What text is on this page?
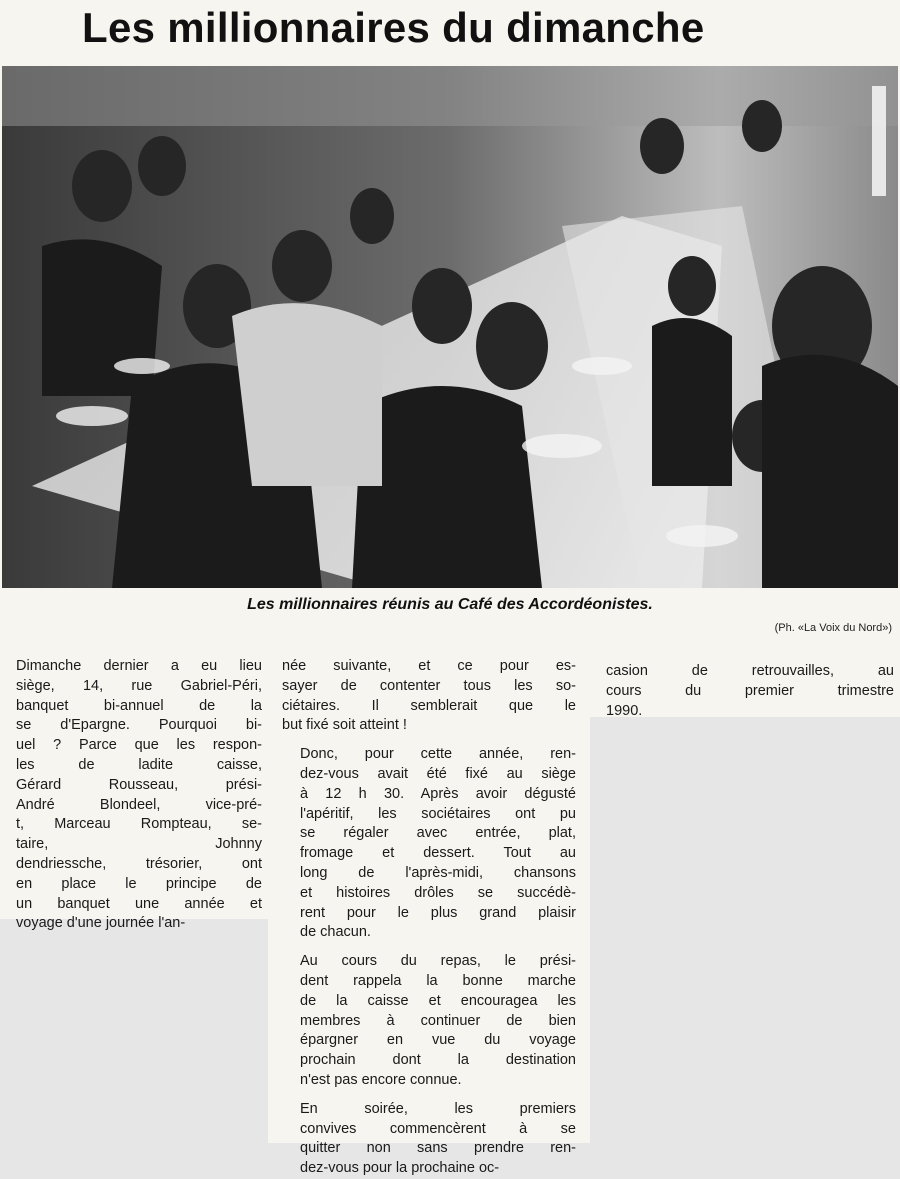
Les millionnaires du dimanche
Les millionnaires réunis au Café des Accordéonistes.
(Ph. «La Voix du Nord»)

Dimanche dernier a eu lieu
siège, 14, rue Gabriel-Péri,
banquet bi-annuel de la
se d'Epargne. Pourquoi bi-
uel ? Parce que les respon-
les de ladite caisse,
Gérard Rousseau, prési-
André Blondeel, vice-pré-
t, Marceau Rompteau, se-
taire, Johnny
dendriessche, trésorier, ont
en place le principe de
un banquet une année et
voyage d'une journée l'an-

née suivante, et ce pour es-
sayer de contenter tous les so-
ciétaires. Il semblerait que le
but fixé soit atteint !

Donc, pour cette année, ren-
dez-vous avait été fixé au siège
à 12 h 30. Après avoir dégusté
l'apéritif, les sociétaires ont pu
se régaler avec entrée, plat,
fromage et dessert. Tout au
long de l'après-midi, chansons
et histoires drôles se succédè-
rent pour le plus grand plaisir
de chacun.

Au cours du repas, le prési-
dent rappela la bonne marche
de la caisse et encouragea les
membres à continuer de bien
épargner en vue du voyage
prochain dont la destination
n'est pas encore connue.

En soirée, les premiers
convives commencèrent à se
quitter non sans prendre ren-
dez-vous pour la prochaine oc-

casion de retrouvailles, au
cours du premier trimestre
1990.
